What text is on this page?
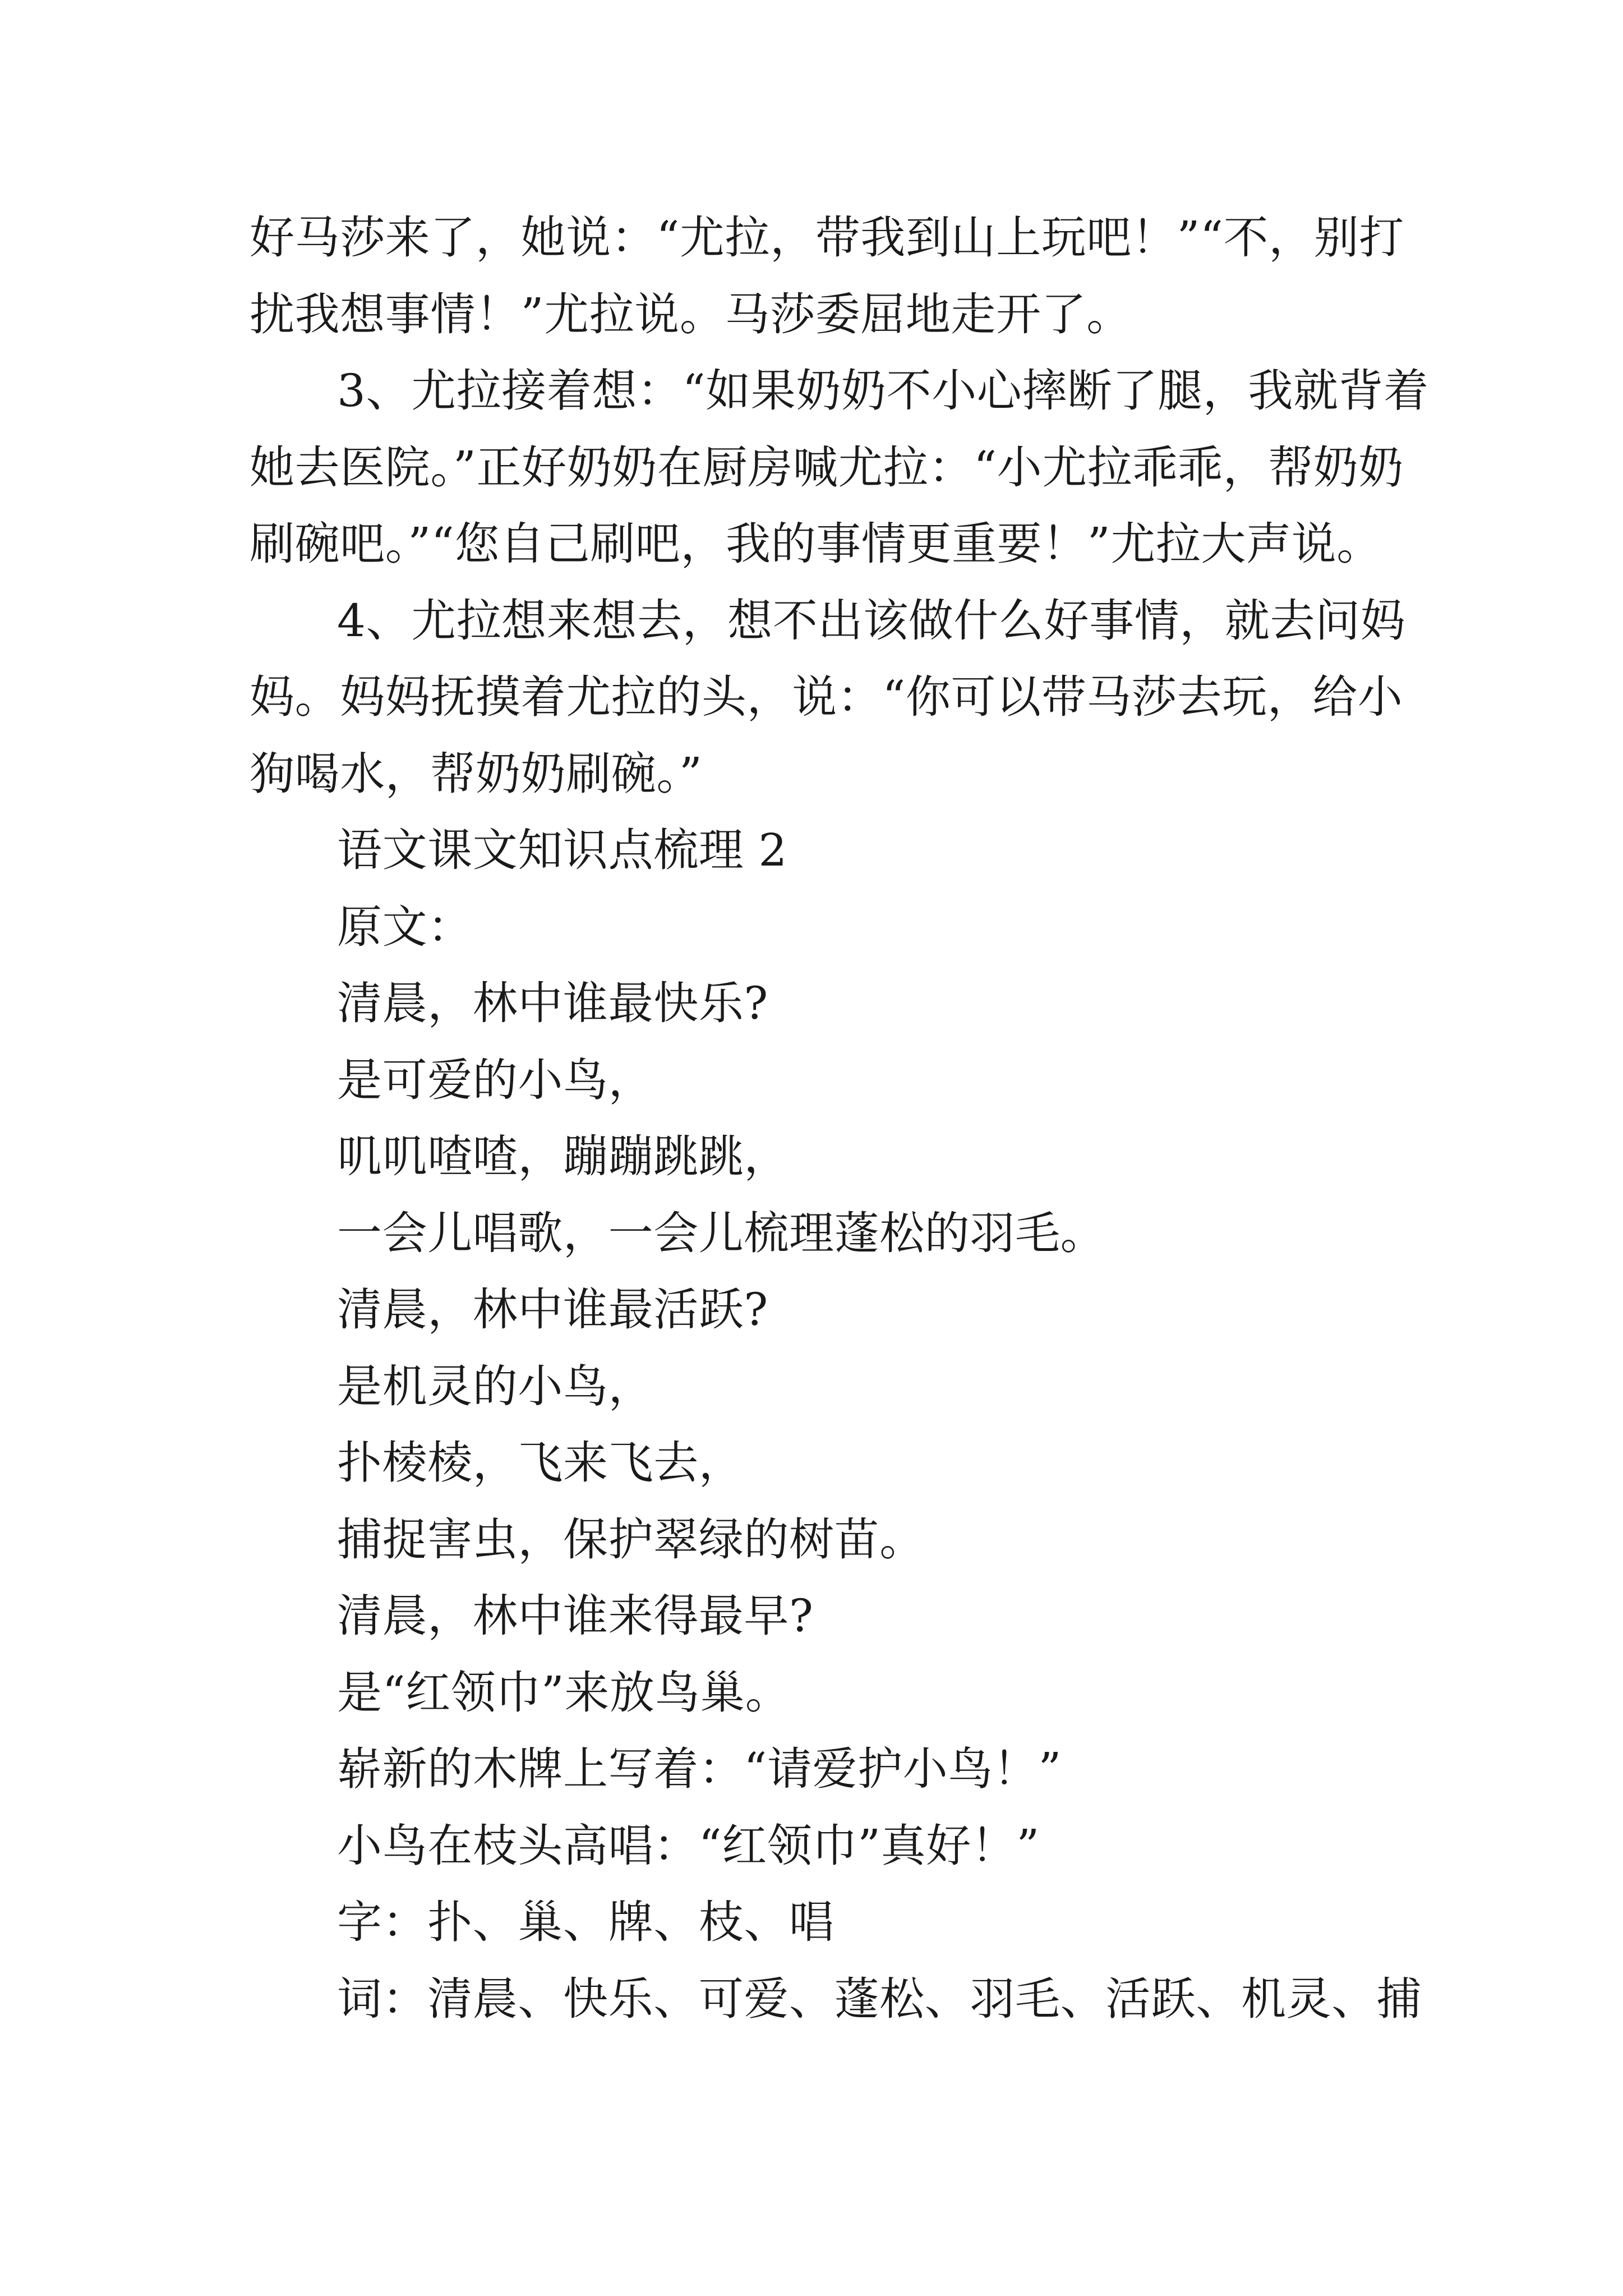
好马莎来了，她说：“尤拉，带我到山上玩吧！”“不，别打
扰我想事情！”尤拉说。马莎委屈地走开了。
3、尤拉接着想：“如果奶奶不小心摔断了腿，我就背着
她去医院。”正好奶奶在厨房喊尤拉：“小尤拉乖乖，帮奶奶
刷碗吧。”“您自己刷吧，我的事情更重要！”尤拉大声说。
4、尤拉想来想去，想不出该做什么好事情，就去问妈
妈。妈妈抚摸着尤拉的头，说：“你可以带马莎去玩，给小
狗喝水，帮奶奶刷碗。”
语文课文知识点梳理 2
原文：
清晨，林中谁最快乐?
是可爱的小鸟，
叽叽喳喳，蹦蹦跳跳，
一会儿唱歌，一会儿梳理蓬松的羽毛。
清晨，林中谁最活跃?
是机灵的小鸟，
扑棱棱，飞来飞去，
捕捉害虫，保护翠绿的树苗。
清晨，林中谁来得最早?
是“红领巾”来放鸟巢。
崭新的木牌上写着：“请爱护小鸟！”
小鸟在枝头高唱：“红领巾”真好！”
字：扑、巢、牌、枝、唱
词：清晨、快乐、可爱、蓬松、羽毛、活跃、机灵、捕
